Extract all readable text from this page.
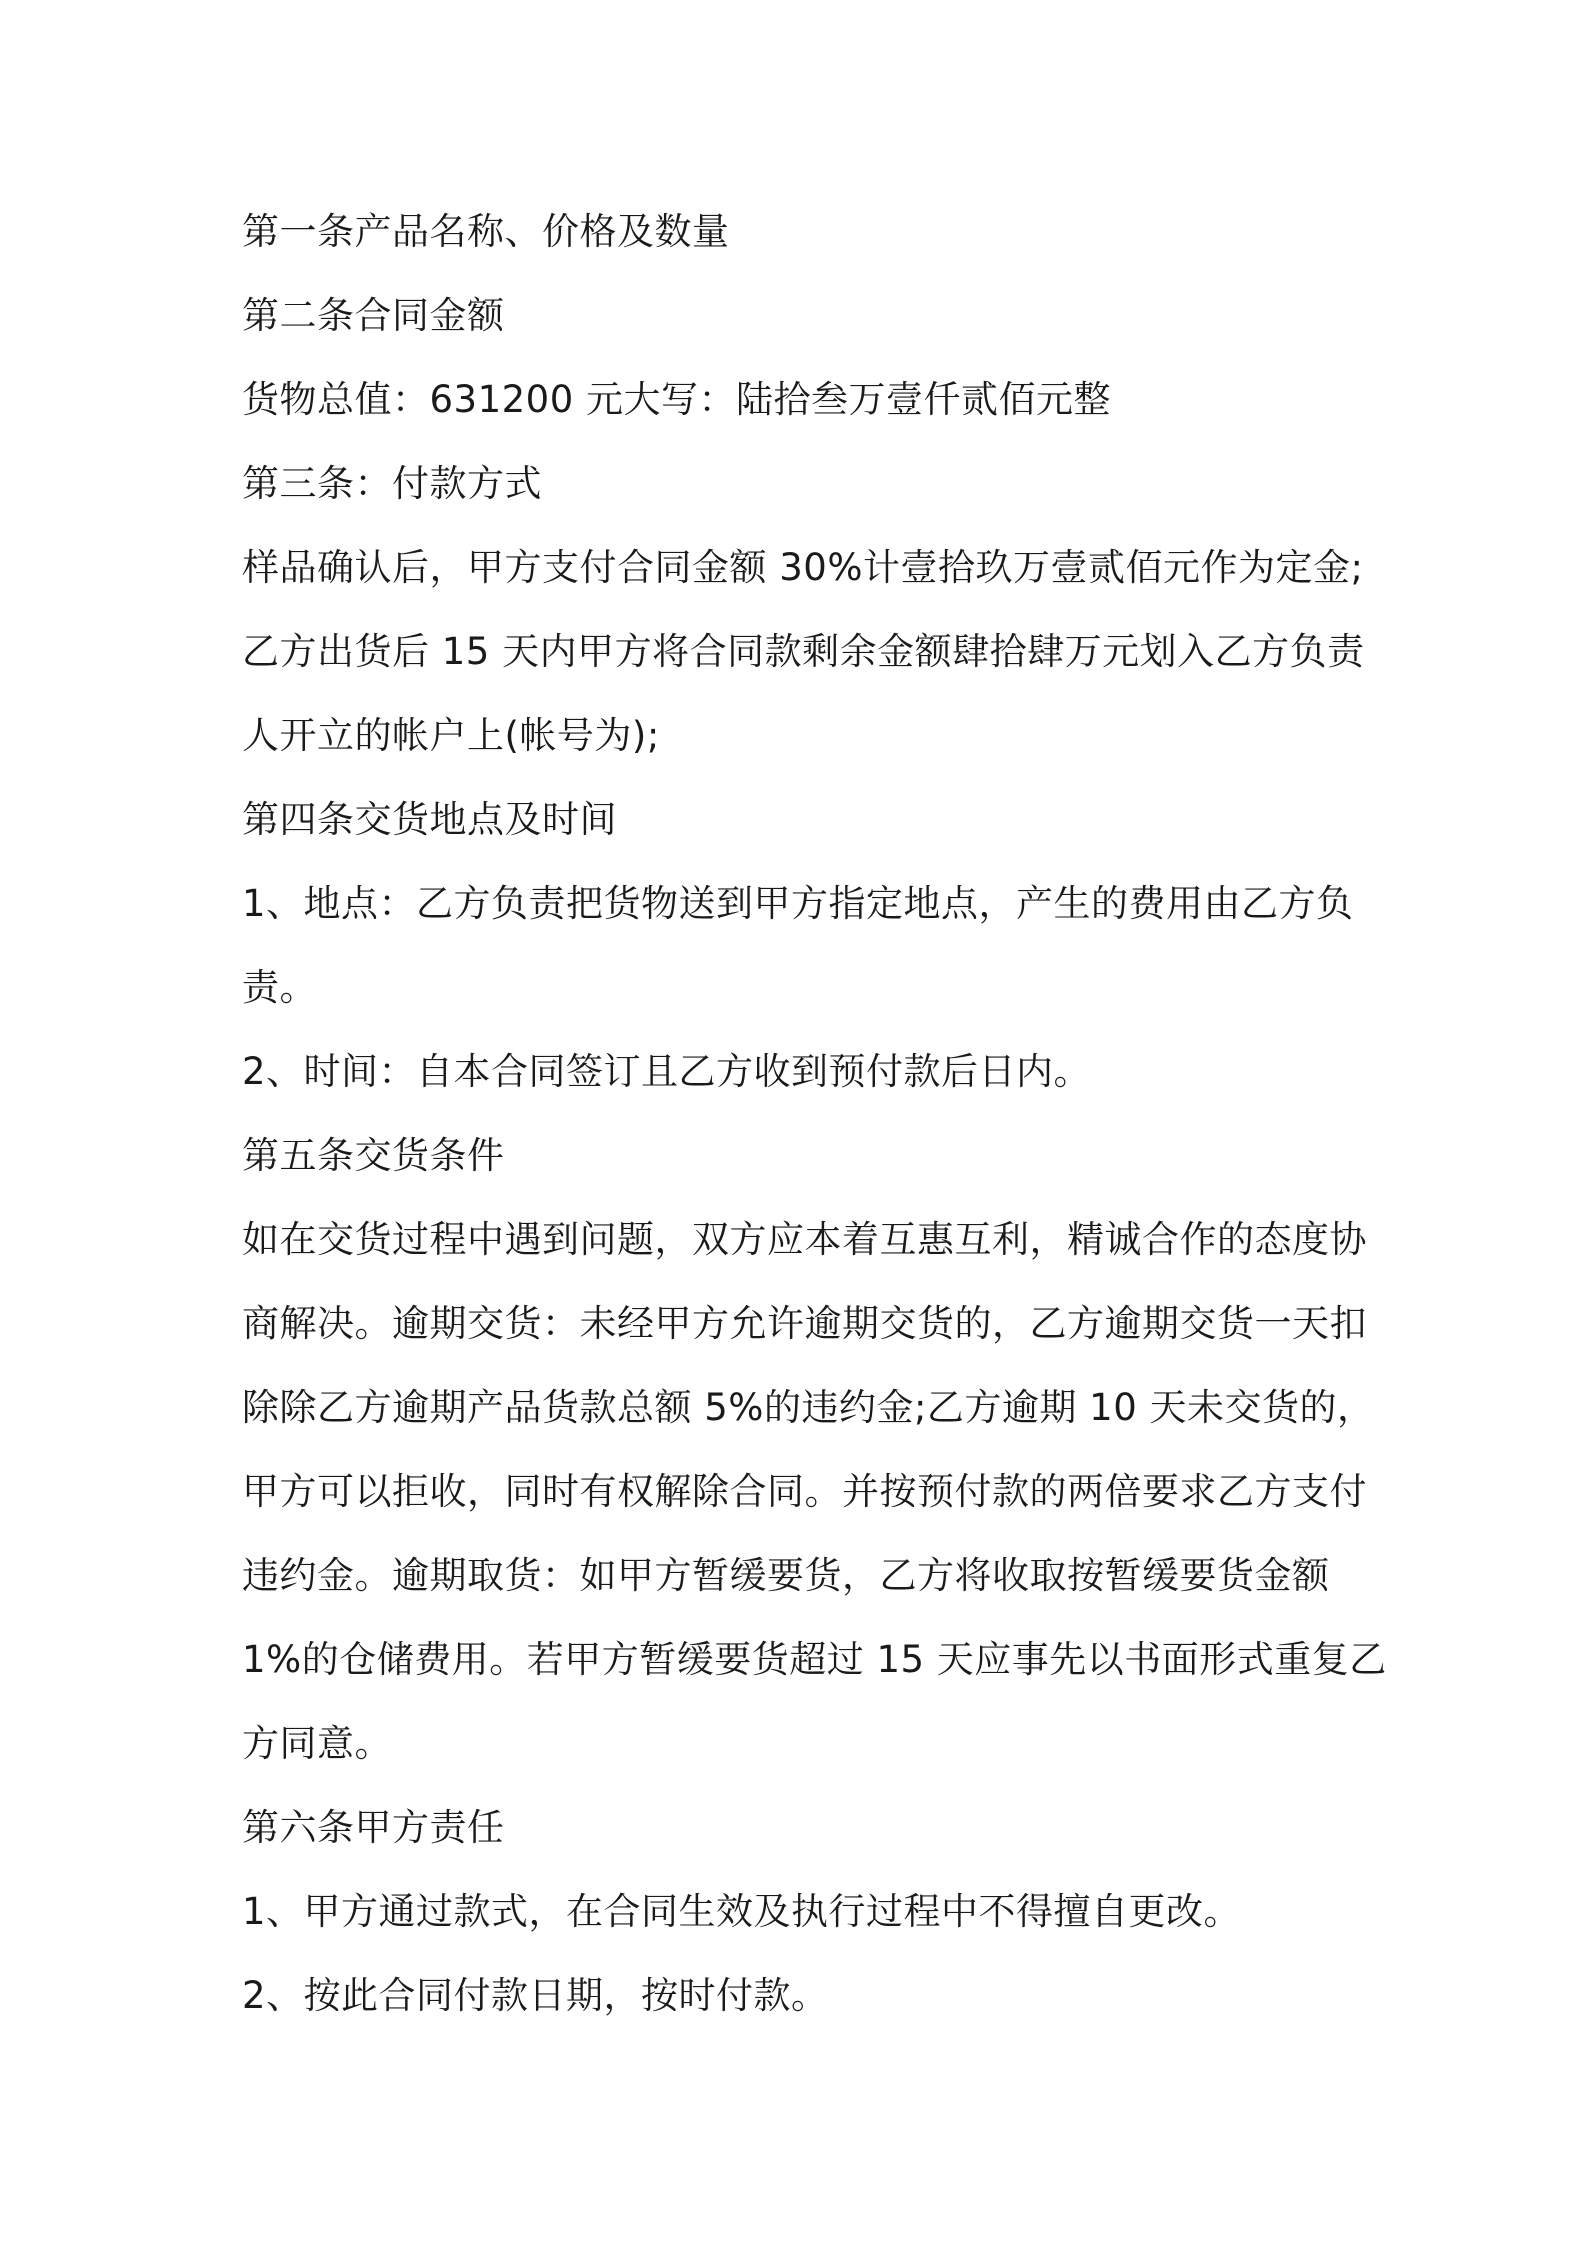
第一条产品名称、价格及数量
第二条合同金额
货物总值：631200 元大写：陆拾叁万壹仟贰佰元整
第三条：付款方式
样品确认后，甲方支付合同金额 30%计壹拾玖万壹贰佰元作为定金;
乙方出货后 15 天内甲方将合同款剩余金额肆拾肆万元划入乙方负责
人开立的帐户上(帐号为);
第四条交货地点及时间
1、地点：乙方负责把货物送到甲方指定地点，产生的费用由乙方负
责。
2、时间：自本合同签订且乙方收到预付款后日内。
第五条交货条件
如在交货过程中遇到问题，双方应本着互惠互利，精诚合作的态度协
商解决。逾期交货：未经甲方允许逾期交货的，乙方逾期交货一天扣
除除乙方逾期产品货款总额 5%的违约金;乙方逾期 10 天未交货的，
甲方可以拒收，同时有权解除合同。并按预付款的两倍要求乙方支付
违约金。逾期取货：如甲方暂缓要货，乙方将收取按暂缓要货金额
1%的仓储费用。若甲方暂缓要货超过 15 天应事先以书面形式重复乙
方同意。
第六条甲方责任
1、甲方通过款式，在合同生效及执行过程中不得擅自更改。
2、按此合同付款日期，按时付款。
